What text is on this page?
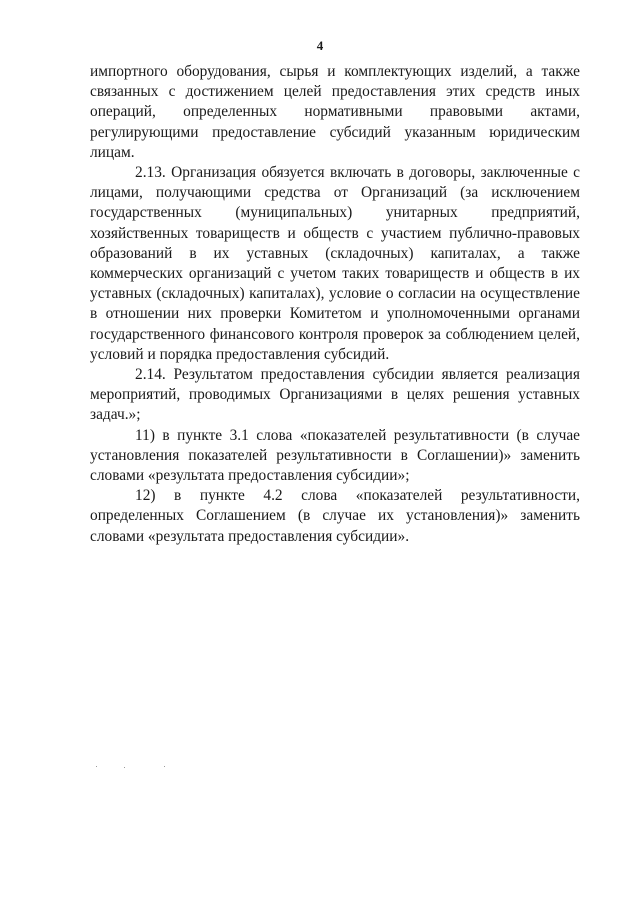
4

импортного оборудования, сырья и комплектующих изделий, а также связанных с достижением целей предоставления этих средств иных операций, определенных нормативными правовыми актами, регулирующими предоставление субсидий указанным юридическим лицам.

2.13. Организация обязуется включать в договоры, заключенные с лицами, получающими средства от Организаций (за исключением государственных (муниципальных) унитарных предприятий, хозяйственных товариществ и обществ с участием публично-правовых образований в их уставных (складочных) капиталах, а также коммерческих организаций с учетом таких товариществ и обществ в их уставных (складочных) капиталах), условие о согласии на осуществление в отношении них проверки Комитетом и уполномоченными органами государственного финансового контроля проверок за соблюдением целей, условий и порядка предоставления субсидий.

2.14. Результатом предоставления субсидии является реализация мероприятий, проводимых Организациями в целях решения уставных задач.»;

11) в пункте 3.1 слова «показателей результативности (в случае установления показателей результативности в Соглашении)» заменить словами «результата предоставления субсидии»;

12) в пункте 4.2 слова «показателей результативности, определенных Соглашением (в случае их установления)» заменить словами «результата предоставления субсидии».
